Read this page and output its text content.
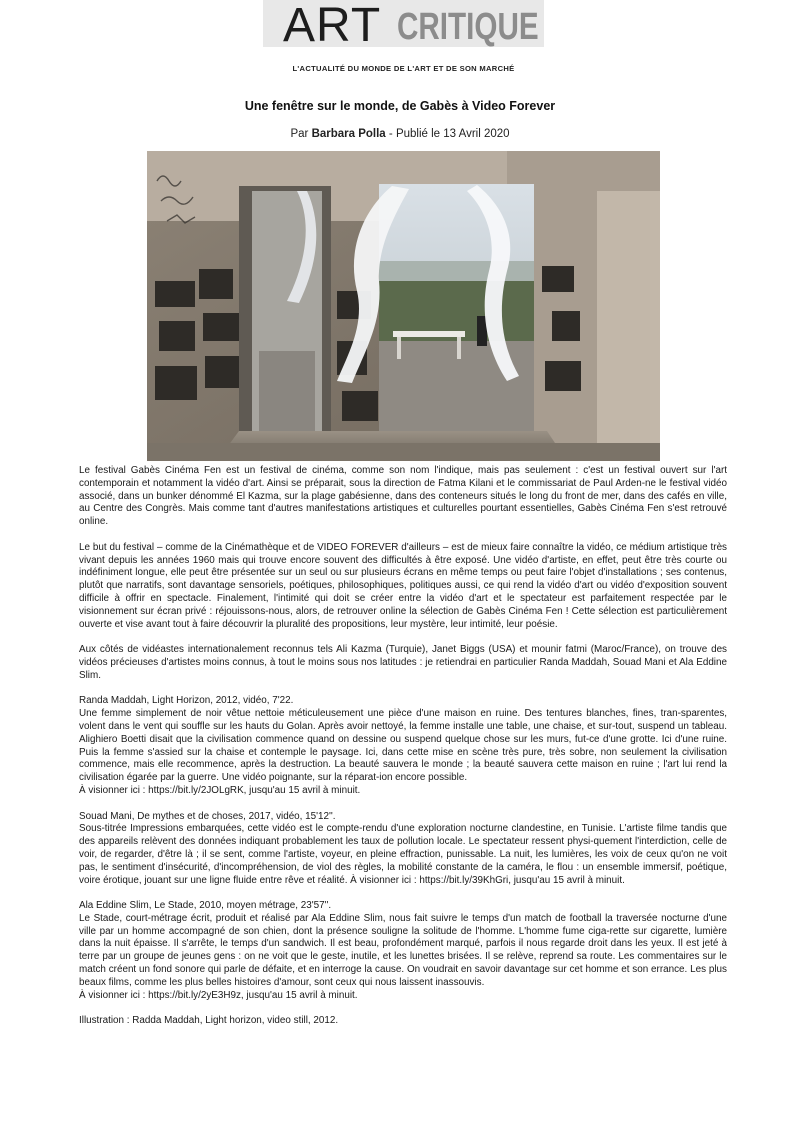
ART CRITIQUE
L'ACTUALITÉ DU MONDE DE L'ART ET DE SON MARCHÉ
Une fenêtre sur le monde, de Gabès à Video Forever
Par Barbara Polla - Publié le 13 Avril 2020

Le festival Gabès Cinéma Fen est un festival de cinéma, comme son nom l'indique, mais pas seulement : c'est un festival ouvert sur l'art contemporain et notamment la vidéo d'art. Ainsi se préparait, sous la direction de Fatma Kilani et le commissariat de Paul Arden-ne le festival vidéo associé, dans un bunker dénommé El Kazma, sur la plage gabésienne, dans des conteneurs situés le long du front de mer, dans des cafés en ville, au Centre des Congrès. Mais comme tant d'autres manifestations artistiques et culturelles pourtant essentielles, Gabès Cinéma Fen s'est retrouvé online.

Le but du festival – comme de la Cinémathèque et de VIDEO FOREVER d'ailleurs – est de mieux faire connaître la vidéo, ce médium artistique très vivant depuis les années 1960 mais qui trouve encore souvent des difficultés à être exposé. Une vidéo d'artiste, en effet, peut être très courte ou indéfiniment longue, elle peut être présentée sur un seul ou sur plusieurs écrans en même temps ou peut faire l'objet d'installations ; ses contenus, plutôt que narratifs, sont davantage sensoriels, poétiques, philosophiques, politiques aussi, ce qui rend la vidéo d'art ou vidéo d'exposition souvent difficile à offrir en spectacle. Finalement, l'intimité qui doit se créer entre la vidéo d'art et le spectateur est parfaitement respectée par le visionnement sur écran privé : réjouissons-nous, alors, de retrouver online la sélection de Gabès Cinéma Fen ! Cette sélection est particulièrement ouverte et vise avant tout à faire découvrir la pluralité des propositions, leur mystère, leur intimité, leur poésie.

Aux côtés de vidéastes internationalement reconnus tels Ali Kazma (Turquie), Janet Biggs (USA) et mounir fatmi (Maroc/France), on trouve des vidéos précieuses d'artistes moins connus, à tout le moins sous nos latitudes : je retiendrai en particulier Randa Maddah, Souad Mani et Ala Eddine Slim.

Randa Maddah, Light Horizon, 2012, vidéo, 7'22.
Une femme simplement de noir vêtue nettoie méticuleusement une pièce d'une maison en ruine. Des tentures blanches, fines, tran-sparentes, volent dans le vent qui souffle sur les hauts du Golan. Après avoir nettoyé, la femme installe une table, une chaise, et sur-tout, suspend un tableau. Alighiero Boetti disait que la civilisation commence quand on dessine ou suspend quelque chose sur les murs, fut-ce d'une grotte. Ici d'une ruine. Puis la femme s'assied sur la chaise et contemple le paysage. Ici, dans cette mise en scène très pure, très sobre, non seulement la civilisation commence, mais elle recommence, après la destruction. La beauté sauvera le monde ; la beauté sauvera cette maison en ruine ; l'art lui rend la civilisation égarée par la guerre. Une vidéo poignante, sur la réparat-ion encore possible.

À visionner ici : https://bit.ly/2JOLgRK, jusqu'au 15 avril à minuit.

Souad Mani, De mythes et de choses, 2017, vidéo, 15'12''.

Sous-titrée Impressions embarquées, cette vidéo est le compte-rendu d'une exploration nocturne clandestine, en Tunisie. L'artiste filme tandis que des appareils relèvent des données indiquant probablement les taux de pollution locale. Le spectateur ressent physi-quement l'interdiction, celle de voir, de regarder, d'être là ; il se sent, comme l'artiste, voyeur, en pleine effraction, punissable. La nuit, les lumières, les voix de ceux qu'on ne voit pas, le sentiment d'insécurité, d'incompréhension, de viol des règles, la mobilité constante de la caméra, le flou : un ensemble immersif, poétique, voire érotique, jouant sur une ligne fluide entre rêve et réalité. À visionner ici : https://bit.ly/39KhGri, jusqu'au 15 avril à minuit.

Ala Eddine Slim, Le Stade, 2010, moyen métrage, 23'57''.
Le Stade, court-métrage écrit, produit et réalisé par Ala Eddine Slim, nous fait suivre le temps d'un match de football la traversée nocturne d'une ville par un homme accompagné de son chien, dont la présence souligne la solitude de l'homme. L'homme fume ciga-rette sur cigarette, lumière dans la nuit épaisse. Il s'arrête, le temps d'un sandwich. Il est beau, profondément marqué, parfois il nous regarde droit dans les yeux. Il est jeté à terre par un groupe de jeunes gens : on ne voit que le geste, inutile, et les lunettes brisées. Il se relève, reprend sa route. Les commentaires sur le match créent un fond sonore qui parle de défaite, et en interroge la cause. On voudrait en savoir davantage sur cet homme et son errance. Les plus beaux films, comme les plus belles histoires d'amour, sont ceux qui nous laissent inassouvis.

À visionner ici : https://bit.ly/2yE3H9z, jusqu'au 15 avril à minuit.

Illustration : Radda Maddah, Light horizon, video still, 2012.
